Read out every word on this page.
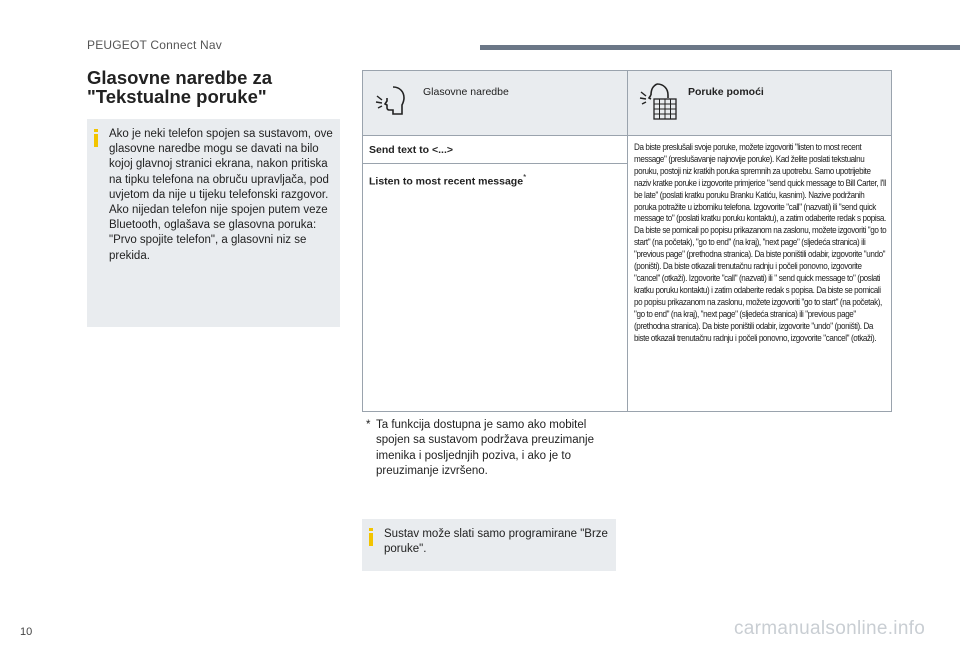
PEUGEOT Connect Nav
Glasovne naredbe za "Tekstualne poruke"
Ako je neki telefon spojen sa sustavom, ove glasovne naredbe mogu se davati na bilo kojoj glavnoj stranici ekrana, nakon pritiska na tipku telefona na obruču upravljača, pod uvjetom da nije u tijeku telefonski razgovor.
Ako nijedan telefon nije spojen putem veze Bluetooth, oglašava se glasovna poruka: "Prvo spojite telefon", a glasovni niz se prekida.
Glasovne naredbe	Poruke pomoći
Send text to <...>
Listen to most recent message*
Da biste preslušali svoje poruke, možete izgovoriti "listen to most recent message" (preslušavanje najnovije poruke). Kad želite poslati tekstualnu poruku, postoji niz kratkih poruka spremnih za upotrebu. Samo upotrijebite naziv kratke poruke i izgovorite primjerice "send quick message to Bill Carter, I'll be late" (poslati kratku poruku Branku Katiću, kasnim). Nazive podržanih poruka potražite u izborniku telefona. Izgovorite "call" (nazvati) ili "send quick message to" (poslati kratku poruku kontaktu), a zatim odaberite redak s popisa. Da biste se pomicali po popisu prikazanom na zaslonu, možete izgovoriti "go to start" (na početak), "go to end" (na kraj), "next page" (sljedeća stranica) ili "previous page" (prethodna stranica). Da biste poništili odabir, izgovorite "undo" (poništi). Da biste otkazali trenutačnu radnju i počeli ponovno, izgovorite "cancel" (otkaži). Izgovorite "call" (nazvati) ili " send quick message to" (poslati kratku poruku kontaktu) i zatim odaberite redak s popisa. Da biste se pomicali po popisu prikazanom na zaslonu, možete izgovoriti "go to start" (na početak), "go to end" (na kraj), "next page" (sljedeća stranica) ili "previous page" (prethodna stranica). Da biste poništili odabir, izgovorite "undo" (poništi). Da biste otkazali trenutačnu radnju i počeli ponovno, izgovorite "cancel" (otkaži).
* Ta funkcija dostupna je samo ako mobitel spojen sa sustavom podržava preuzimanje imenika i posljednjih poziva, i ako je to preuzimanje izvršeno.
Sustav može slati samo programirane "Brze poruke".
10	carmanualsonline.info
